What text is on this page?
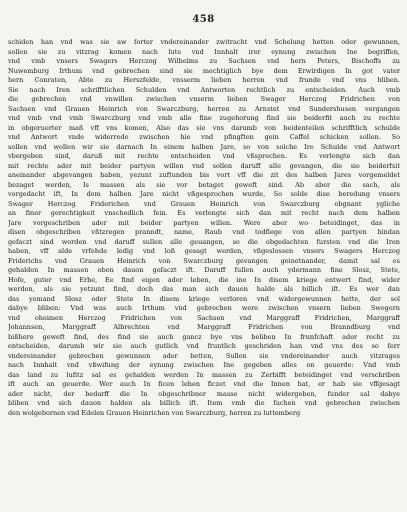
458
schiden han vnd was sie aw forter vndereinander zwitracht vnd Schelung hetten oder gewunnen,
sollen sie zu vitzrag komen nach lute vnd Innhalt irer eynung zwischen Ine begriffen,
vnd vmb vnsers Swagers Herczog Wilhelms zu Sachsen vnd hern Peters, Bischoffs zu
Nuwemburg Irthum vnd gebrechen sind sie mechtiglich bye dem Erwirdigen In got vater
hern Conraten, Abte zu Herszfelde, vnsserm lieben herren vnd frunde vnd vns bliben.
Sie nach Iren schrifftlichen Schulden vnd Antworten rechtlich zu entscheiden. Auch vmb
die gebrechen vnd vnwillen zwischen vnserm lieben Swager Herczog Fridrichen von
Sachsen vnd Grauen Heinrich von Swarczburg, herren zu Arnstet vnd Sundershusen vergangen
vnd vmb vnd vmb Swarczburg vnd vmb alle fine zugehorung find sie beiderfit auch zu rechte
in obgeruerter maß vff vns komen, Also das sie vns darumb von beidenteilen schrifftlich schulde
vnd Antwort vnde widerrede zwischen hie vnd pfingften gein Caffel schicken sollen. So
sollen vnd wollen wir sie darnach In einem halben Jare, so von solche Ire Schulde vnd Antwort
vbergeben sind, daruß mit rechte entscheiden vnd vßsprechen. Es verlengte sich dan
mit rechte ader mit beider partyen willen vnd sollen daruff alle gevangen, die sie beiderfsit
aneinander abgevangen haben, yezunt zuftunden bis vort vff die zit des halben Jares vorgemeldet
bezaget werden, Is massen als sie vor betaget geweft sind. Ab aber die sach, als
vorgedacht ift, In dem halben Jare nicht vßgesprochen wurde, So solde dise beredung vnsers
Swager Herczog Friderichen vnd Grauen Heinrich von Swarczburg obgnant ygliche
an finer gerechtigkeit vnschedlich fein. Es verlengte sich dan mit recht nach dem halben
Jare vorgeschriben ader mit beider partyen willen. Were aber wo beteidinget, das in
disen obgeschriben vßtzregen pranndt, name, Raub vnd todflege von allen partyen hindan
gefaczt sind worden vnd daruff sullen alle geuangen, so die obgedachten fursten vnd die Iren
haben, vff alde vrfehde ledig vnd loß gesagt werden, vßgeslossen vnsers Swagers Herczog
Friderichs vnd Grauen Heinrich von Swarczburg gevangen geinetnander, damit sal es
gehalden In massen oben dauon gefaczt ift. Daruff fullen auch ydermann fine Slosz, Stete,
Hofe, guter vnd Erbe, Ee find eigen ader leben, die ine In disem kriege entwert find, wider
werden, als sie yetzunt find, doch das man sich dauon halde als billich ift. Es wer dan
das yemand Slosz oder Stete In disem kriege verloren vnd widergewunnen hette, der sol
dabye bliben: Vnd was auch Irthum vnd gebrechen were zwischen vnsern lieben Swegern
vnd oheimen Herczog Fridrichen von Sachsen vnd Marggraff Fridrichen, Marggraff
Johannsen, Marggraff Albrechten vnd Marggraff Fridrichen von Branndburg vnd
bißhere geweft find, des find sie auch gancz bye vns beliben In frunfchaft ader recht zu
entscheiden, darumb wir sie auch gutlich vnd fruntlich geschriden han vnd vns des so ferr
vndereinander gebrechen gewunnen ader hetten, Sullen sie vndereinander auch vitzrages
nach Innhalt vnd vßwifung der eynung zwischen Ine gegeben alles on geuerde: Vnd vmb
das land zu lufitz sal es gehalden werden In massen zu Zerbifft beteidinget vnd verschriben
ift auch an geuerde. Wer auch In ficen lehen ficzet vnd die Innen hat, er hab sie vffgesagt
ader nicht, der bedarff die In obgeschribner masse nicht widergeben, funder sal dabye
bliben vnd sich dauon halden als billich ift. Item vmb die fachen vnd gebrechen zwischen
den wolgebornen vnd Edelen Grauen Heinrichen von Swarczburg, herren zu luttemberg
